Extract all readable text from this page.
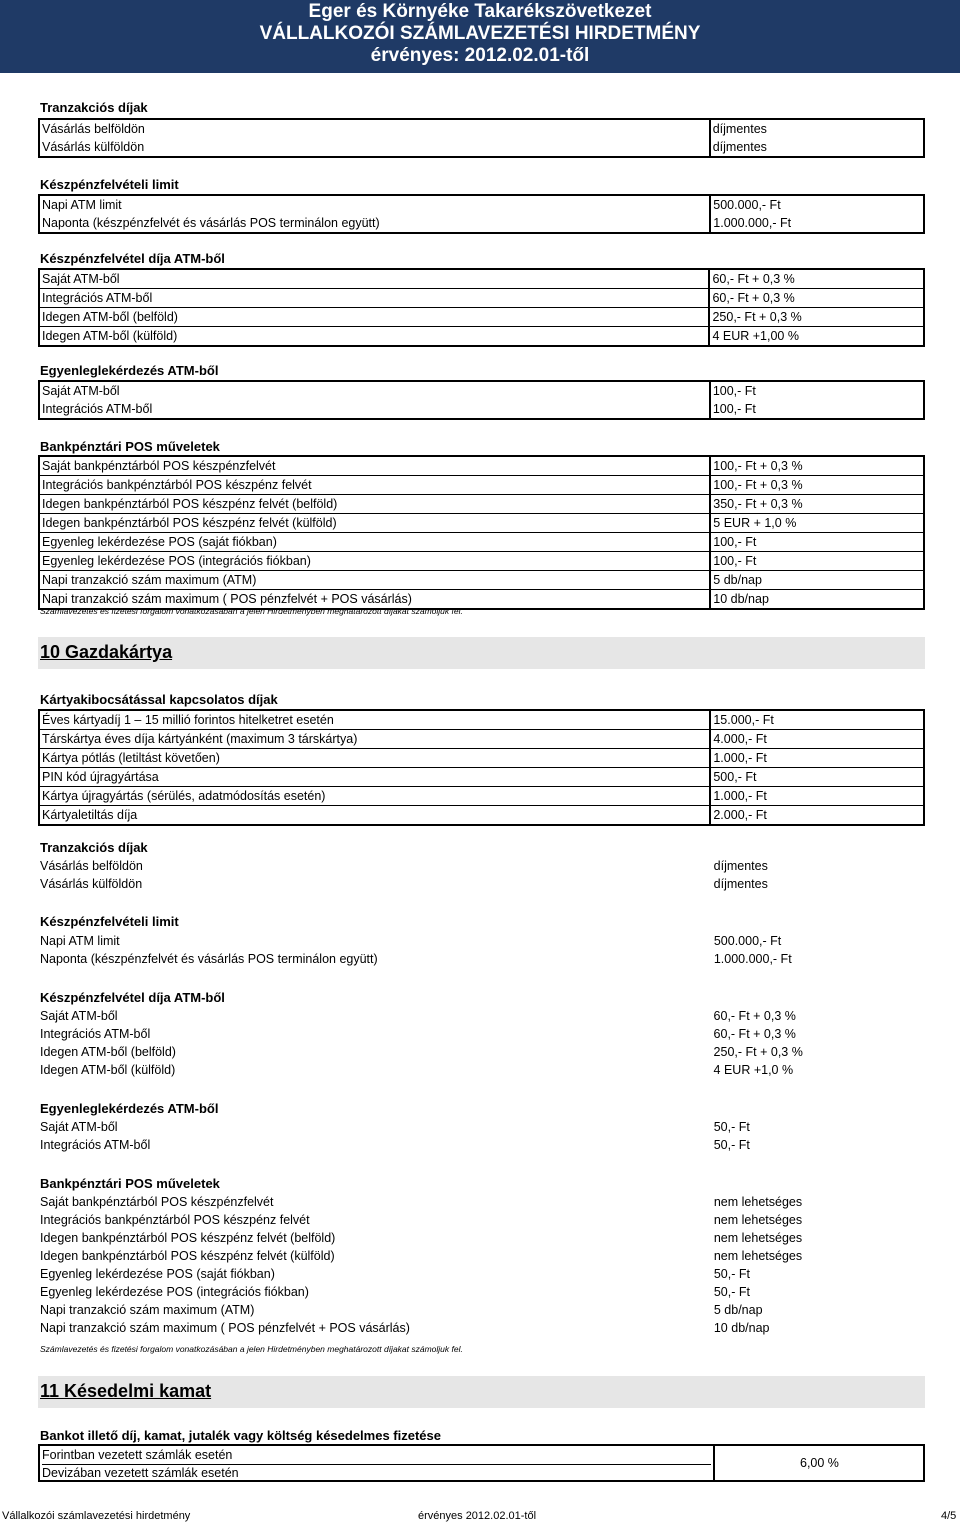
Eger és Környéke Takarékszövetkezet
VÁLLALKOZÓI SZÁMLAVEZETÉSI HIRDETMÉNY
érvényes: 2012.02.01-től
Tranzakciós díjak
Vásárlás belföldön	díjmentes
Vásárlás külföldön	díjmentes
Készpénzfelvételi limit
Napi ATM limit	500.000,- Ft
Naponta (készpénzfelvét és vásárlás POS terminálon együtt)	1.000.000,- Ft
Készpénzfelvétel díja ATM-ből
Saját ATM-ből	60,- Ft + 0,3 %
Integrációs ATM-ből	60,- Ft + 0,3 %
Idegen ATM-ből (belföld)	250,- Ft + 0,3 %
Idegen ATM-ből (külföld)	4 EUR +1,00 %
Egyenleglekérdezés ATM-ből
Saját ATM-ből	100,- Ft
Integrációs ATM-ből	100,- Ft
Bankpénztári POS műveletek
Saját bankpénztárból POS készpénzfelvét	100,- Ft + 0,3 %
Integrációs bankpénztárból POS készpénz felvét	100,- Ft + 0,3 %
Idegen bankpénztárból POS készpénz felvét (belföld)	350,- Ft + 0,3 %
Idegen bankpénztárból POS készpénz felvét (külföld)	5 EUR + 1,0 %
Egyenleg lekérdezése POS (saját fiókban)	100,- Ft
Egyenleg lekérdezése POS (integrációs fiókban)	100,- Ft
Napi tranzakció szám maximum (ATM)	5 db/nap
Napi tranzakció szám maximum ( POS pénzfelvét + POS vásárlás)	10 db/nap
Számlavezetés és fizetési forgalom vonatkozásában a jelen Hirdetményben meghatározott díjakat számoljuk fel.
10 Gazdakártya
Kártyakibocsátással kapcsolatos díjak
Éves kártyadíj 1 – 15 millió forintos hitelketret esetén	15.000,- Ft
Társkártya éves díja kártyánként (maximum 3 társkártya)	4.000,- Ft
Kártya pótlás (letiltást követően)	1.000,- Ft
PIN kód újragyártása	500,- Ft
Kártya újragyártás (sérülés, adatmódosítás esetén)	1.000,- Ft
Kártyaletiltás díja	2.000,- Ft
Tranzakciós díjak
Vásárlás belföldön	díjmentes
Vásárlás külföldön	díjmentes
Készpénzfelvételi limit
Napi ATM limit	500.000,- Ft
Naponta (készpénzfelvét és vásárlás POS terminálon együtt)	1.000.000,- Ft
Készpénzfelvétel díja ATM-ből
Saját ATM-ből	60,- Ft + 0,3 %
Integrációs ATM-ből	60,- Ft + 0,3 %
Idegen ATM-ből (belföld)	250,- Ft + 0,3 %
Idegen ATM-ből (külföld)	4 EUR +1,0 %
Egyenleglekérdezés ATM-ből
Saját ATM-ből	50,- Ft
Integrációs ATM-ből	50,- Ft
Bankpénztári POS műveletek
Saját bankpénztárból POS készpénzfelvét	nem lehetséges
Integrációs bankpénztárból POS készpénz felvét	nem lehetséges
Idegen bankpénztárból POS készpénz felvét (belföld)	nem lehetséges
Idegen bankpénztárból POS készpénz felvét (külföld)	nem lehetséges
Egyenleg lekérdezése POS (saját fiókban)	50,- Ft
Egyenleg lekérdezése POS (integrációs fiókban)	50,- Ft
Napi tranzakció szám maximum (ATM)	5 db/nap
Napi tranzakció szám maximum ( POS pénzfelvét + POS vásárlás)	10 db/nap
Számlavezetés és fizetési forgalom vonatkozásában a jelen Hirdetményben meghatározott díjakat számoljuk fel.
11 Késedelmi kamat
Bankot illető díj, kamat, jutalék vagy költség késedelmes fizetése
Forintban vezetett számlák esetén
Devizában vezetett számlák esetén
6,00 %
Vállalkozói számlavezetési hirdetmény	érvényes 2012.02.01-től	4/5
